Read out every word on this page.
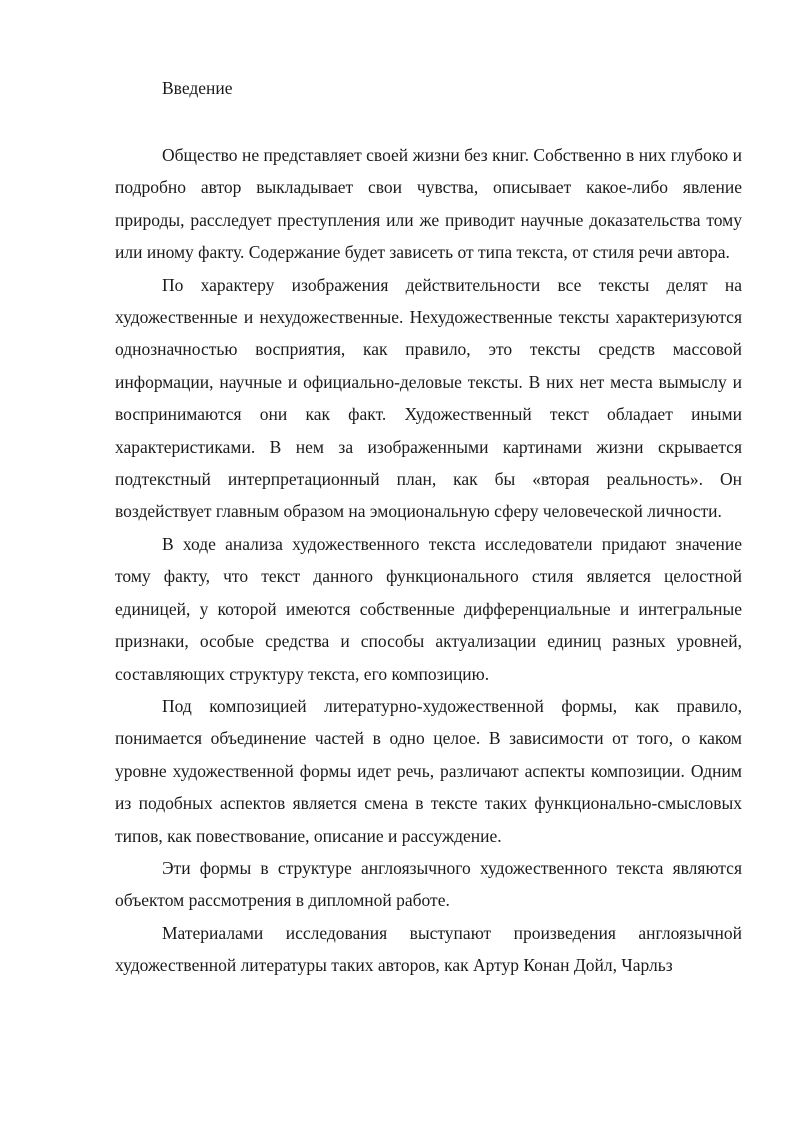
Введение

Общество не представляет своей жизни без книг. Собственно в них глубоко и подробно автор выкладывает свои чувства, описывает какое-либо явление природы, расследует преступления или же приводит научные доказательства тому или иному факту. Содержание будет зависеть от типа текста, от стиля речи автора.

По характеру изображения действительности все тексты делят на художественные и нехудожественные. Нехудожественные тексты характеризуются однозначностью восприятия, как правило, это тексты средств массовой информации, научные и официально-деловые тексты. В них нет места вымыслу и воспринимаются они как факт. Художественный текст обладает иными характеристиками. В нем за изображенными картинами жизни скрывается подтекстный интерпретационный план, как бы «вторая реальность». Он воздействует главным образом на эмоциональную сферу человеческой личности.

В ходе анализа художественного текста исследователи придают значение тому факту, что текст данного функционального стиля является целостной единицей, у которой имеются собственные дифференциальные и интегральные признаки, особые средства и способы актуализации единиц разных уровней, составляющих структуру текста, его композицию.

Под композицией литературно-художественной формы, как правило, понимается объединение частей в одно целое. В зависимости от того, о каком уровне художественной формы идет речь, различают аспекты композиции. Одним из подобных аспектов является смена в тексте таких функционально-смысловых типов, как повествование, описание и рассуждение.

Эти формы в структуре англоязычного художественного текста являются объектом рассмотрения в дипломной работе.

Материалами исследования выступают произведения англоязычной художественной литературы таких авторов, как Артур Конан Дойл, Чарльз
